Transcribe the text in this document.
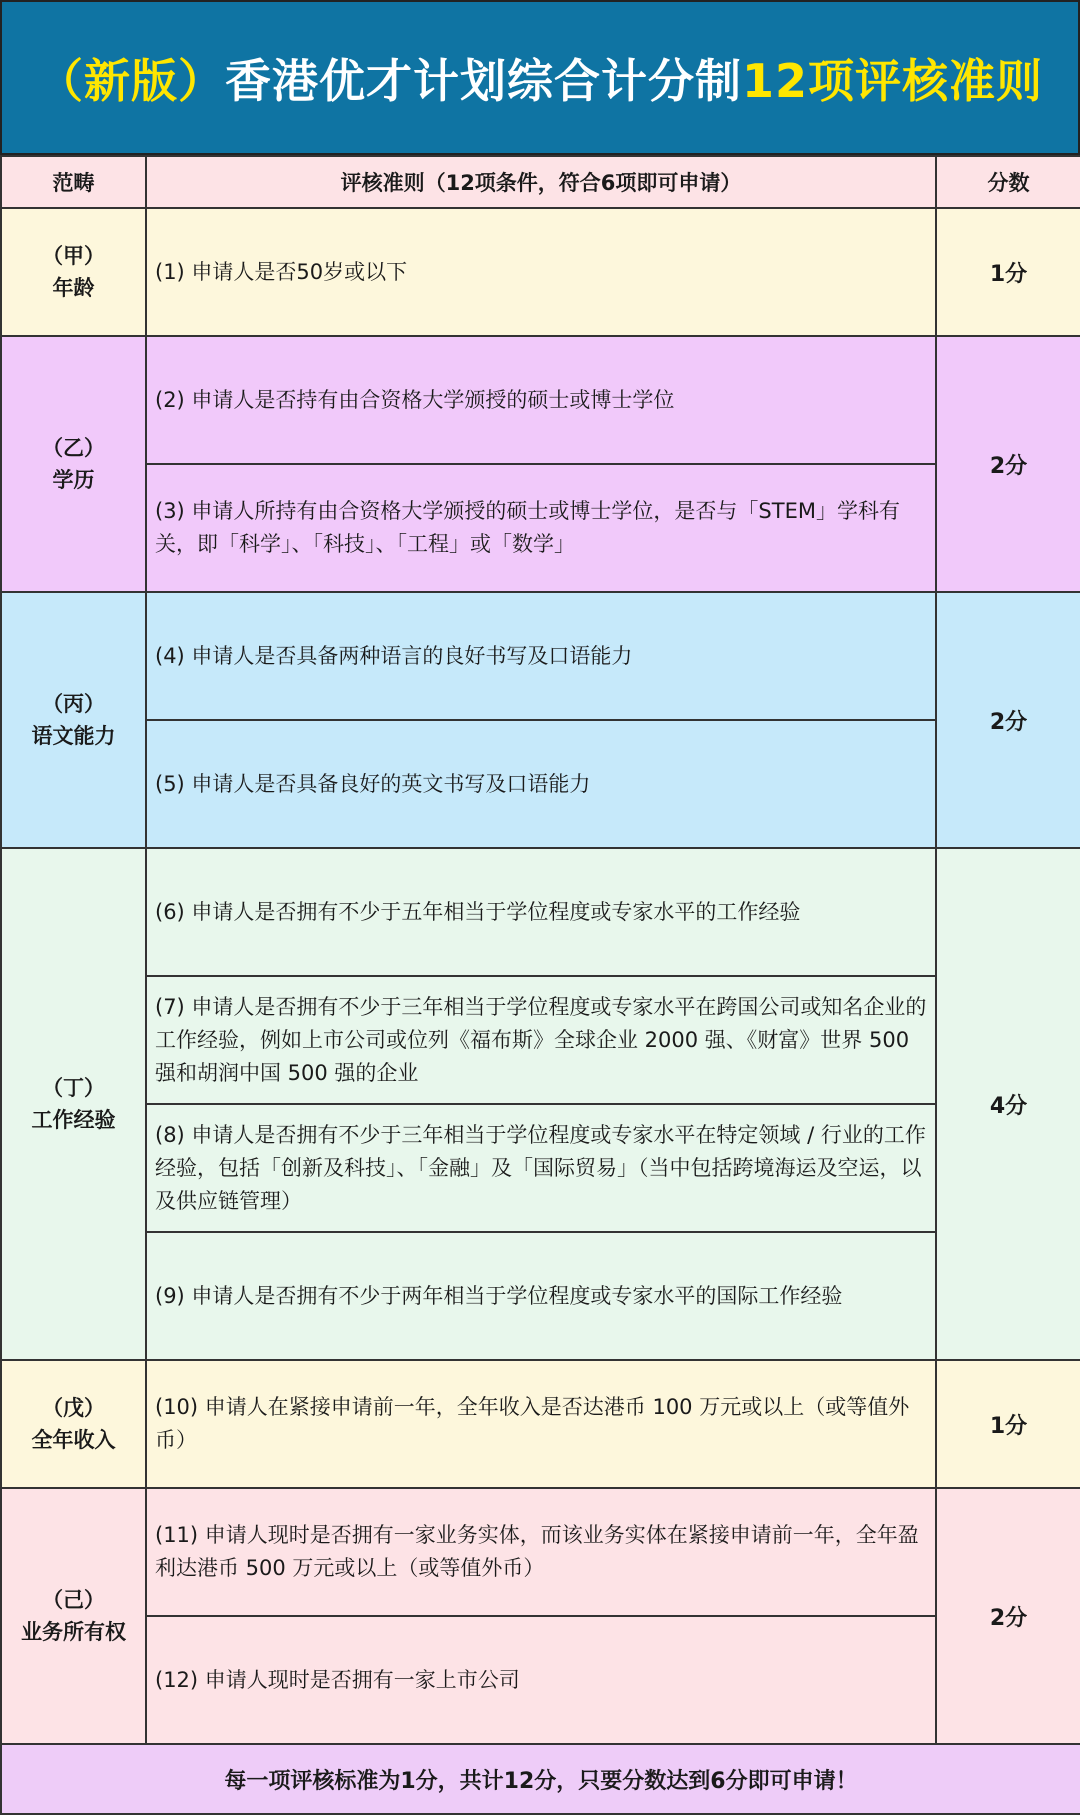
（新版） 香港优才计划综合计分制 12项评核准则
范畴	评核准则（12项条件，符合6项即可申请）	分数

（甲）
年龄	(1) 申请人是否50岁或以下	1分

（乙）
学历	(2) 申请人是否持有由合资格大学颁授的硕士或博士学位	2分
	(3) 申请人所持有由合资格大学颁授的硕士或博士学位，是否与「STEM」学科有关，即「科学」、「科技」、「工程」或「数学」	

（丙）
语文能力	(4) 申请人是否具备两种语言的良好书写及口语能力	2分
	(5) 申请人是否具备良好的英文书写及口语能力	

（丁）
工作经验	(6) 申请人是否拥有不少于五年相当于学位程度或专家水平的工作经验	4分
	(7) 申请人是否拥有不少于三年相当于学位程度或专家水平在跨国公司或知名企业的工作经验，例如上市公司或位列《福布斯》全球企业 2000 强、《财富》世界 500 强和胡润中国 500 强的企业	
	(8) 申请人是否拥有不少于三年相当于学位程度或专家水平在特定领域 / 行业的工作经验，包括「创新及科技」、「金融」及「国际贸易」（当中包括跨境海运及空运，以及供应链管理）	
	(9) 申请人是否拥有不少于两年相当于学位程度或专家水平的国际工作经验	

（戊）
全年收入	(10) 申请人在紧接申请前一年，全年收入是否达港币 100 万元或以上（或等值外币）	1分

（己）
业务所有权	(11) 申请人现时是否拥有一家业务实体，而该业务实体在紧接申请前一年，全年盈利达港币 500 万元或以上（或等值外币）	2分
	(12) 申请人现时是否拥有一家上市公司	
每一项评核标准为1分，共计12分，只要分数达到6分即可申请！		
